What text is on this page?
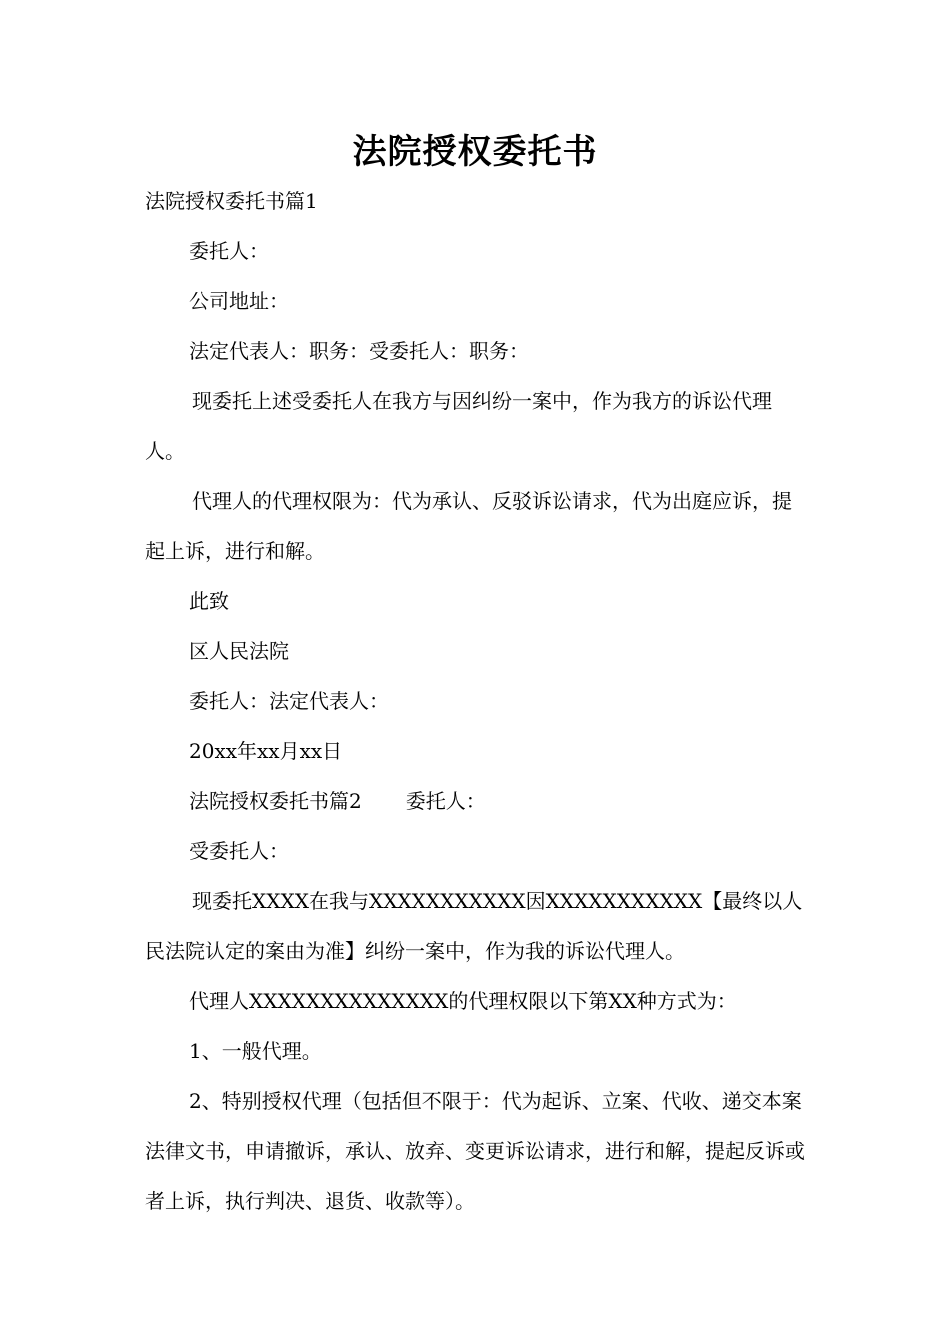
法院授权委托书
法院授权委托书篇1
委托人：
公司地址：
法定代表人：职务：受委托人：职务：
现委托上述受委托人在我方与因纠纷一案中，作为我方的诉讼代理人。
代理人的代理权限为：代为承认、反驳诉讼请求，代为出庭应诉，提起上诉，进行和解。
此致
区人民法院
委托人：法定代表人：
20xx年xx月xx日
法院授权委托书篇2 委托人：
受委托人：
现委托XXXX在我与XXXXXXXXXXX因XXXXXXXXXXX【最终以人民法院认定的案由为准】纠纷一案中，作为我的诉讼代理人。
代理人XXXXXXXXXXXXXX的代理权限以下第XX种方式为：
1、一般代理。
2、特别授权代理（包括但不限于：代为起诉、立案、代收、递交本案法律文书，申请撤诉，承认、放弃、变更诉讼请求，进行和解，提起反诉或者上诉，执行判决、退货、收款等）。
